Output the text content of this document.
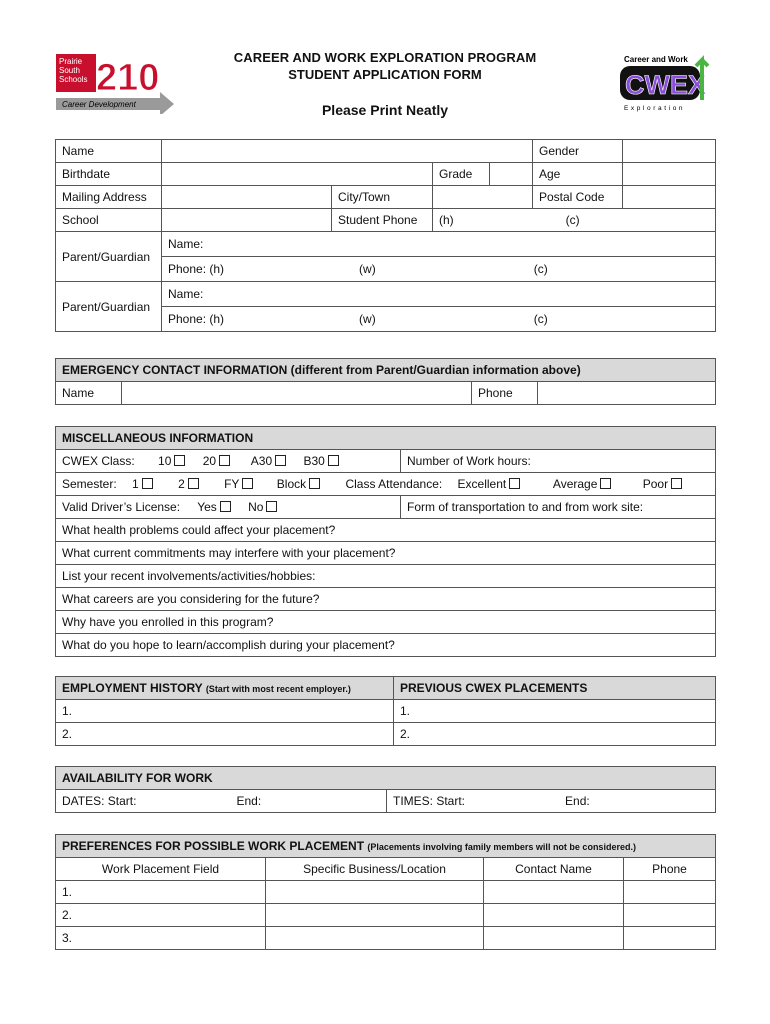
Prairie
South
Schools 210
Career Development
Career and Work
CWEX
Exploration
CAREER AND WORK EXPLORATION PROGRAM
STUDENT APPLICATION FORM
Please Print Neatly
Name					Gender	
Birthdate			Grade		Age	
Mailing Address		City/Town			Postal Code	
School		Student Phone	(h) (c)			
Parent/Guardian	Name:					
	Phone: (h) (w) (c)					
Parent/Guardian	Name:					
	Phone: (h) (w) (c)					
EMERGENCY CONTACT INFORMATION (different from Parent/Guardian information above)
Name		Phone	
MISCELLANEOUS INFORMATION	
CWEX Class: 10 20 A30 B30	Number of Work hours:
Semester: 1 2 FY Block Class Attendance: Excellent Average Poor	
Valid Driver’s License: Yes No	Form of transportation to and from work site:
What health problems could affect your placement?	
What current commitments may interfere with your placement?	
List your recent involvements/activities/hobbies:	
What careers are you considering for the future?	
Why have you enrolled in this program?	
What do you hope to learn/accomplish during your placement?	
EMPLOYMENT HISTORY (Start with most recent employer.)	PREVIOUS CWEX PLACEMENTS
1.	1.
2.	2.
AVAILABILITY FOR WORK
DATES: Start:	End:	TIMES: Start:	End:
PREFERENCES FOR POSSIBLE WORK PLACEMENT (Placements involving family members will not be considered.)			
Work Placement Field	Specific Business/Location	Contact Name	Phone
1.			
2.			
3.			
